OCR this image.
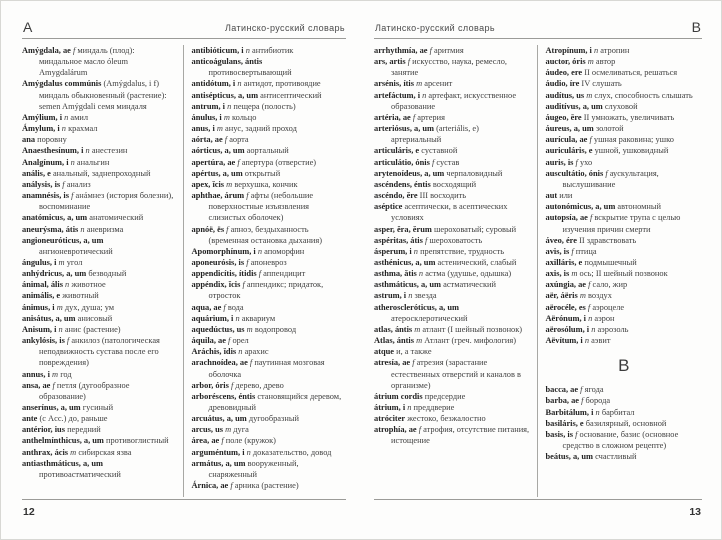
A	Латинско-русский словарь
Amýgdala, ae f миндаль (плод): миндальное масло óleum Amygdalárum
Amýgdalus commúnis (Amýgdalus, i f) миндаль обыкновенный (растение): semen Amýgdali семя миндаля
Amýlium, i n амил
Ámylum, i n крахмал
ana поровну
Anaesthesínum, i n анестезин
Analgínum, i n анальгин
anális, e анальный, заднепроходный
análysis, is f анализ
anamnésis, is f анáмнез (история болезни), воспоминание
anatómicus, a, um анатомический
aneurýsma, átis n аневризма
angioneuróticus, a, um ангионевротический
ángulus, i m угол
anhýdricus, a, um безводный
ánimal, ális n животное
animális, e животный
ánimus, i m дух, душа; ум
anisátus, a, um анисовый
Anisum, i n анис (растение)
ankylósis, is f анкилоз (патологическая неподвижность сустава после его повреждения)
annus, i m год
ansa, ae f петля (дугообразное образование)
anserínus, a, um гусиный
ante (с Acc.) до, раньше
antérior, ius передний
anthelmínthicus, a, um противоглистный
anthrax, ácis m сибирская язва
antiasthmáticus, a, um противоастматический
antibióticum, i n антибиотик
anticoágulans, ántis противосвертывающий
antidótum, i n антидот, противоядие
antisépticus, a, um антисептический
antrum, i n пещера (полость)
ánulus, i m кольцо
anus, i m анус, задний проход
aórta, ae f аорта
aórticus, a, um аортальный
apertúra, ae f апертура (отверстие)
apértus, a, um открытый
apex, ĭcis m верхушка, кончик
aphthae, árum f афты (небольшие поверхностные изъязвления слизистых оболочек)
apnóë, ës f апноэ, бездыханность (временная остановка дыхания)
Apomorphínum, i n апоморфин
aponeurósis, is f апоневроз
appendicítis, ítidis f аппендицит
appéndix, ĭcis f аппендикс; придаток, отросток
aqua, ae f вода
aquárium, i n аквариум
aquedúctus, us m водопровод
áquila, ae f орел
Aráchis, ĭdis n арахис
arachnoídea, ae f паутинная мозговая оболочка
arbor, óris f дерево, древо
arboréscens, éntis становящийся деревом, древовидный
arcuátus, a, um дугообразный
arcus, us m дуга
área, ae f поле (кружок)
arguméntum, i n доказательство, довод
armátus, a, um вооруженный, снаряженный
Árnica, ae f арника (растение)
12
Латинско-русский словарь	B
arrhythmía, ae f аритмия
ars, artis f искусство, наука, ремесло, занятие
arsénis, ítis m арсенит
artefáctum, i n артефакт, искусственное образование
artéria, ae f артерия
arteriósus, a, um (arteriális, e) артериальный
articuláris, e суставной
articulátio, ónis f сустав
arytenoídeus, a, um черпаловидный
ascéndens, éntis восходящий
ascéndo, ĕre III восходить
aséptice асептически, в асептических условиях
asper, ĕra, ĕrum шероховатый; суровый
aspéritas, átis f шероховатость
ásperum, i n препятствие, трудность
asthénicus, a, um астенический, слабый
asthma, ătis n астма (удушье, одышка)
asthmáticus, a, um астматический
astrum, i n звезда
atheroscleróticus, a, um атеросклеротический
atlas, ántis m атлант (I шейный позвонок)
Atlas, ántis m Атлант (греч. мифология)
atque и, а также
atresía, ae f атрезия (зарастание естественных отверстий и каналов в организме)
átrium cordis предсердие
átrium, i n преддверие
atróciter жестоко, безжалостно
atrophía, ae f атрофия, отсутствие питания, истощение
Atropínum, i n атропин
auctor, óris m автор
áudeo, ere II осмеливаться, решаться
áudio, íre IV слушать
audítus, us m слух, способность слышать
auditívus, a, um слуховой
áugeo, ēre II умножать, увеличивать
áureus, a, um золотой
aurícula, ae f ушная раковина; ушко
auriculáris, e ушной, ушковидный
auris, is f ухо
auscultátio, ónis f аускультация, выслушивание
aut или
autonómicus, a, um автономный
autopsía, ae f вскрытие трупа с целью изучения причин смерти
áveo, ére II здравствовать
avis, is f птица
axilláris, e подмышечный
axis, is m ось; II шейный позвонок
axúngia, ae f сало, жир
aër, áëris m воздух
aërocéle, es f аэроцеле
Aërónum, i n аэрон
aërosólum, i n аэрозоль
Aëvítum, i n аэвит
B
bacca, ae f ягода
barba, ae f борода
Barbitálum, i n барбитал
basiláris, e базилярный, основной
basis, is f основание, базис (основное средство в сложном рецепте)
beátus, a, um счастливый
13
